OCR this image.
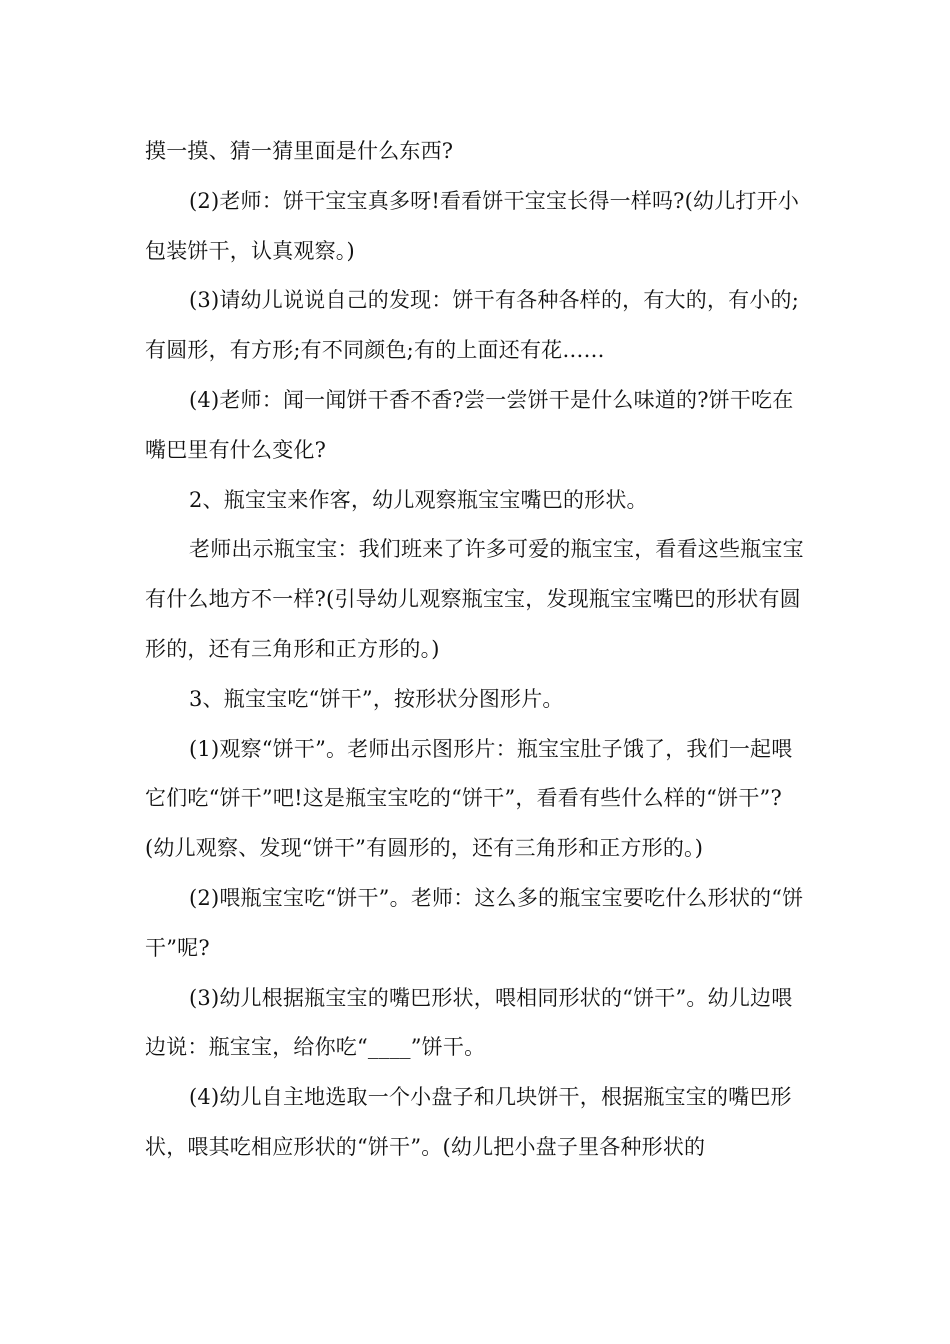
摸一摸、猜一猜里面是什么东西?

(2)老师：饼干宝宝真多呀!看看饼干宝宝长得一样吗?(幼儿打开小包装饼干，认真观察。)

(3)请幼儿说说自己的发现：饼干有各种各样的，有大的，有小的;有圆形，有方形;有不同颜色;有的上面还有花……

(4)老师：闻一闻饼干香不香?尝一尝饼干是什么味道的?饼干吃在嘴巴里有什么变化?

2、瓶宝宝来作客，幼儿观察瓶宝宝嘴巴的形状。

老师出示瓶宝宝：我们班来了许多可爱的瓶宝宝，看看这些瓶宝宝有什么地方不一样?(引导幼儿观察瓶宝宝，发现瓶宝宝嘴巴的形状有圆形的，还有三角形和正方形的。)

3、瓶宝宝吃“饼干”，按形状分图形片。

(1)观察“饼干”。老师出示图形片：瓶宝宝肚子饿了，我们一起喂它们吃“饼干”吧!这是瓶宝宝吃的“饼干”，看看有些什么样的“饼干”?(幼儿观察、发现“饼干”有圆形的，还有三角形和正方形的。)

(2)喂瓶宝宝吃“饼干”。老师：这么多的瓶宝宝要吃什么形状的“饼干”呢?

(3)幼儿根据瓶宝宝的嘴巴形状，喂相同形状的“饼干”。幼儿边喂边说：瓶宝宝，给你吃“____”饼干。

(4)幼儿自主地选取一个小盘子和几块饼干，根据瓶宝宝的嘴巴形状，喂其吃相应形状的“饼干”。(幼儿把小盘子里各种形状的
